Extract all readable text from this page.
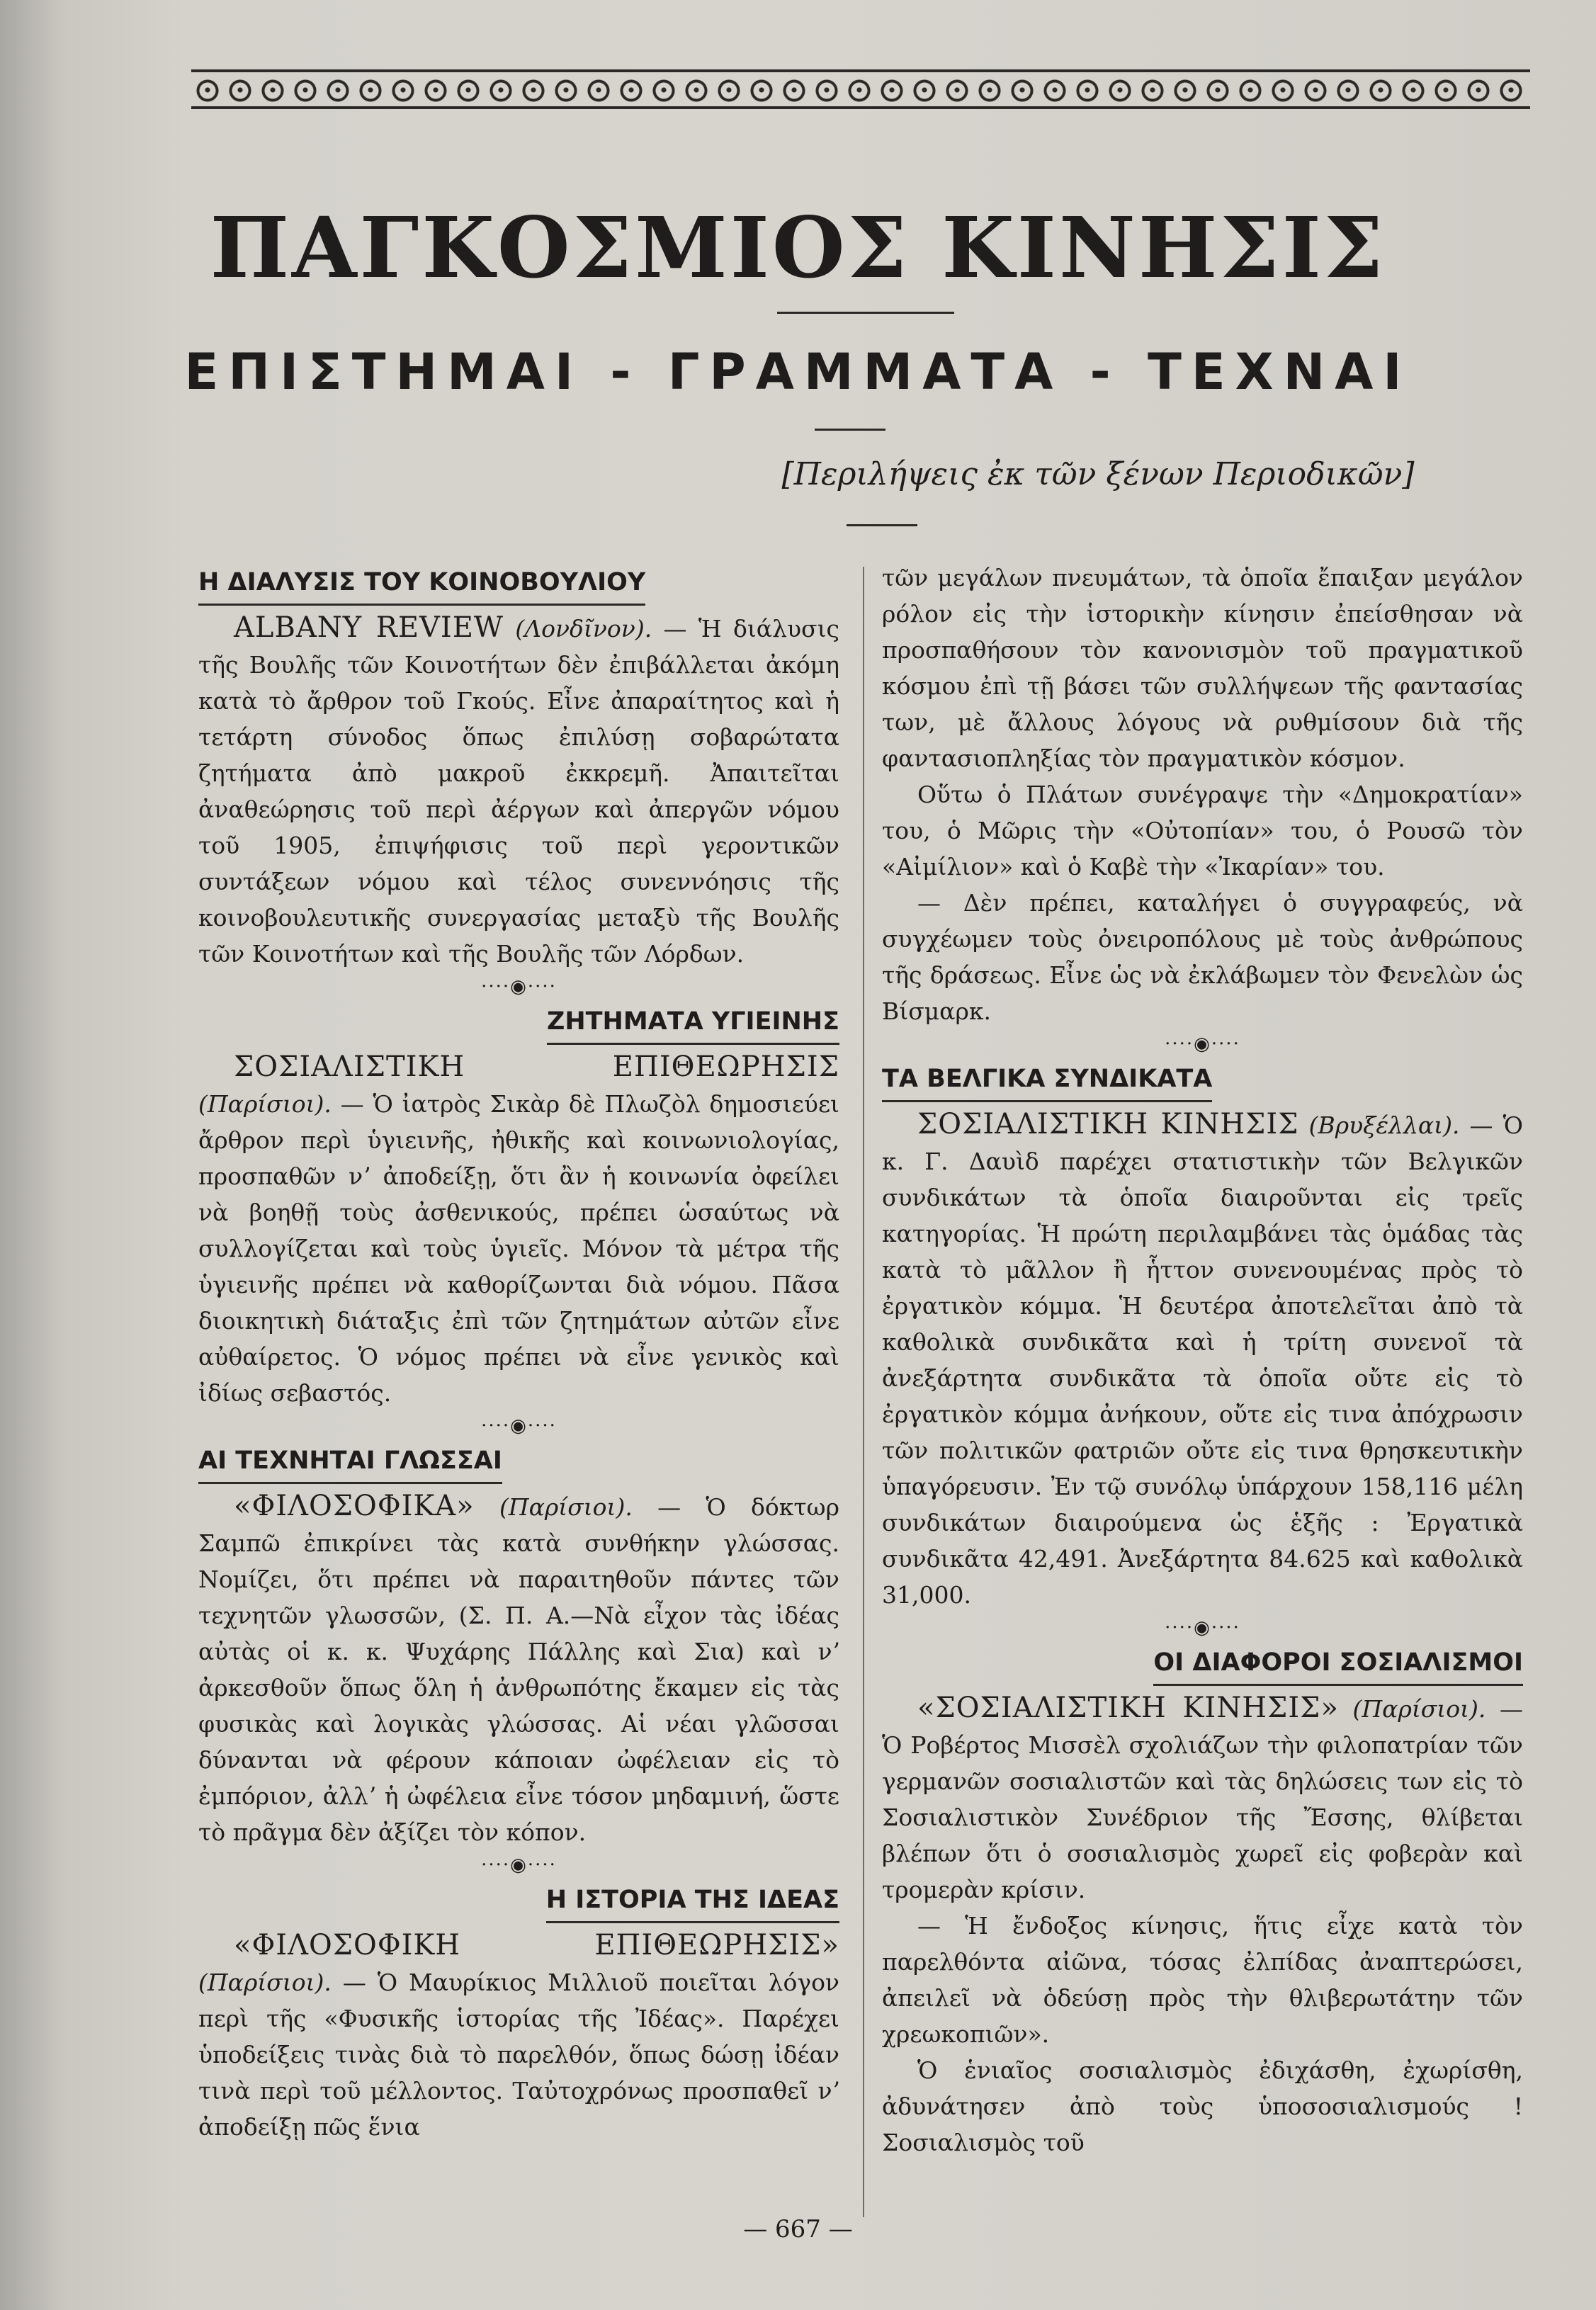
ΠΑΓΚΟΣΜΙΟΣ ΚΙΝΗΣΙΣ
ΕΠΙΣΤΗΜΑΙ - ΓΡΑΜΜΑΤΑ - ΤΕΧΝΑΙ
[Περιλήψεις ἐκ τῶν ξένων Περιοδικῶν]
Η ΔΙΑΛΥΣΙΣ ΤΟΥ ΚΟΙΝΟΒΟΥΛΙΟΥ

ALBANY REVIEW (Λονδῖνον). — Ἡ διάλυσις τῆς Βουλῆς τῶν Κοινοτήτων δὲν ἐπιβάλλεται ἀκόμη κατὰ τὸ ἄρθρον τοῦ Γκούς. Εἶνε ἀπαραίτητος καὶ ἡ τετάρτη σύνοδος ὅπως ἐπιλύσῃ σοβαρώτατα ζητήματα ἀπὸ μακροῦ ἐκκρεμῆ. Ἀπαιτεῖται ἀναθεώρησις τοῦ περὶ ἀέργων καὶ ἀπεργῶν νόμου τοῦ 1905, ἐπιψήφισις τοῦ περὶ γεροντικῶν συντάξεων νόμου καὶ τέλος συνεννόησις τῆς κοινοβουλευτικῆς συνεργασίας μεταξὺ τῆς Βουλῆς τῶν Κοινοτήτων καὶ τῆς Βουλῆς τῶν Λόρδων.

····◉····
ΖΗΤΗΜΑΤΑ ΥΓΙΕΙΝΗΣ

ΣΟΣΙΑΛΙΣΤΙΚΗ ΕΠΙΘΕΩΡΗΣΙΣ (Παρίσιοι). — Ὁ ἰατρὸς Σικὰρ δὲ Πλωζὸλ δημοσιεύει ἄρθρον περὶ ὑγιεινῆς, ἠθικῆς καὶ κοινωνιολογίας, προσπαθῶν νʼ ἀποδείξῃ, ὅτι ἂν ἡ κοινωνία ὀφείλει νὰ βοηθῇ τοὺς ἀσθενικούς, πρέπει ὡσαύτως νὰ συλλογίζεται καὶ τοὺς ὑγιεῖς. Μόνον τὰ μέτρα τῆς ὑγιεινῆς πρέπει νὰ καθορίζωνται διὰ νόμου. Πᾶσα διοικητικὴ διάταξις ἐπὶ τῶν ζητημάτων αὐτῶν εἶνε αὐθαίρετος. Ὁ νόμος πρέπει νὰ εἶνε γενικὸς καὶ ἰδίως σεβαστός.

····◉····
ΑΙ ΤΕΧΝΗΤΑΙ ΓΛΩΣΣΑΙ

«ΦΙΛΟΣΟΦΙΚΑ» (Παρίσιοι). — Ὁ δόκτωρ Σαμπῶ ἐπικρίνει τὰς κατὰ συνθήκην γλώσσας. Νομίζει, ὅτι πρέπει νὰ παραιτηθοῦν πάντες τῶν τεχνητῶν γλωσσῶν, (Σ. Π. Α.—Νὰ εἶχον τὰς ἰδέας αὐτὰς οἱ κ. κ. Ψυχάρης Πάλλης καὶ Σια) καὶ νʼ ἀρκεσθοῦν ὅπως ὅλη ἡ ἀνθρωπότης ἔκαμεν εἰς τὰς φυσικὰς καὶ λογικὰς γλώσσας. Αἱ νέαι γλῶσσαι δύνανται νὰ φέρουν κάποιαν ὠφέλειαν εἰς τὸ ἐμπόριον, ἀλλʼ ἡ ὠφέλεια εἶνε τόσον μηδαμινή, ὥστε τὸ πρᾶγμα δὲν ἀξίζει τὸν κόπον.

····◉····
Η ΙΣΤΟΡΙΑ ΤΗΣ ΙΔΕΑΣ

«ΦΙΛΟΣΟΦΙΚΗ ΕΠΙΘΕΩΡΗΣΙΣ» (Παρίσιοι). — Ὁ Μαυρίκιος Μιλλιοῦ ποιεῖται λόγον περὶ τῆς «Φυσικῆς ἱστορίας τῆς Ἰδέας». Παρέχει ὑποδείξεις τινὰς διὰ τὸ παρελθόν, ὅπως δώσῃ ἰδέαν τινὰ περὶ τοῦ μέλλοντος. Ταὐτοχρόνως προσπαθεῖ νʼ ἀποδείξῃ πῶς ἕνια

τῶν μεγάλων πνευμάτων, τὰ ὁποῖα ἔπαιξαν μεγάλον ρόλον εἰς τὴν ἱστορικὴν κίνησιν ἐπείσθησαν νὰ προσπαθήσουν τὸν κανονισμὸν τοῦ πραγματικοῦ κόσμου ἐπὶ τῇ βάσει τῶν συλλήψεων τῆς φαντασίας των, μὲ ἄλλους λόγους νὰ ρυθμίσουν διὰ τῆς φαντασιοπληξίας τὸν πραγματικὸν κόσμον.

Οὕτω ὁ Πλάτων συνέγραψε τὴν «Δημοκρατίαν» του, ὁ Μῶρις τὴν «Οὐτοπίαν» του, ὁ Ρουσῶ τὸν «Αἰμίλιον» καὶ ὁ Καβὲ τὴν «Ἰκαρίαν» του.

— Δὲν πρέπει, καταλήγει ὁ συγγραφεύς, νὰ συγχέωμεν τοὺς ὀνειροπόλους μὲ τοὺς ἀνθρώπους τῆς δράσεως. Εἶνε ὡς νὰ ἐκλάβωμεν τὸν Φενελὼν ὡς Βίσμαρκ.

····◉····
ΤΑ ΒΕΛΓΙΚΑ ΣΥΝΔΙΚΑΤΑ

ΣΟΣΙΑΛΙΣΤΙΚΗ ΚΙΝΗΣΙΣ (Βρυξέλλαι). — Ὁ κ. Γ. Δαυὶδ παρέχει στατιστικὴν τῶν Βελγικῶν συνδικάτων τὰ ὁποῖα διαιροῦνται εἰς τρεῖς κατηγορίας. Ἡ πρώτη περιλαμβάνει τὰς ὁμάδας τὰς κατὰ τὸ μᾶλλον ἢ ἧττον συνενουμένας πρὸς τὸ ἐργατικὸν κόμμα. Ἡ δευτέρα ἀποτελεῖται ἀπὸ τὰ καθολικὰ συνδικᾶτα καὶ ἡ τρίτη συνενοῖ τὰ ἀνεξάρτητα συνδικᾶτα τὰ ὁποῖα οὔτε εἰς τὸ ἐργατικὸν κόμμα ἀνήκουν, οὔτε εἰς τινα ἀπόχρωσιν τῶν πολιτικῶν φατριῶν οὔτε εἰς τινα θρησκευτικὴν ὑπαγόρευσιν. Ἐν τῷ συνόλῳ ὑπάρχουν 158,116 μέλη συνδικάτων διαιρούμενα ὡς ἑξῆς : Ἐργατικὰ συνδικᾶτα 42,491. Ἀνεξάρτητα 84.625 καὶ καθολικὰ 31,000.

····◉····
ΟΙ ΔΙΑΦΟΡΟΙ ΣΟΣΙΑΛΙΣΜΟΙ

«ΣΟΣΙΑΛΙΣΤΙΚΗ ΚΙΝΗΣΙΣ» (Παρίσιοι). — Ὁ Ροβέρτος Μισσὲλ σχολιάζων τὴν φιλοπατρίαν τῶν γερμανῶν σοσιαλιστῶν καὶ τὰς δηλώσεις των εἰς τὸ Σοσιαλιστικὸν Συνέδριον τῆς Ἔσσης, θλίβεται βλέπων ὅτι ὁ σοσιαλισμὸς χωρεῖ εἰς φοβερὰν καὶ τρομερὰν κρίσιν.

— Ἡ ἔνδοξος κίνησις, ἥτις εἶχε κατὰ τὸν παρελθόντα αἰῶνα, τόσας ἐλπίδας ἀναπτερώσει, ἀπειλεῖ νὰ ὁδεύσῃ πρὸς τὴν θλιβερωτάτην τῶν χρεωκοπιῶν».

Ὁ ἑνιαῖος σοσιαλισμὸς ἐδιχάσθη, ἐχωρίσθη, ἀδυνάτησεν ἀπὸ τοὺς ὑποσοσιαλισμούς ! Σοσιαλισμὸς τοῦ

— 667 —
